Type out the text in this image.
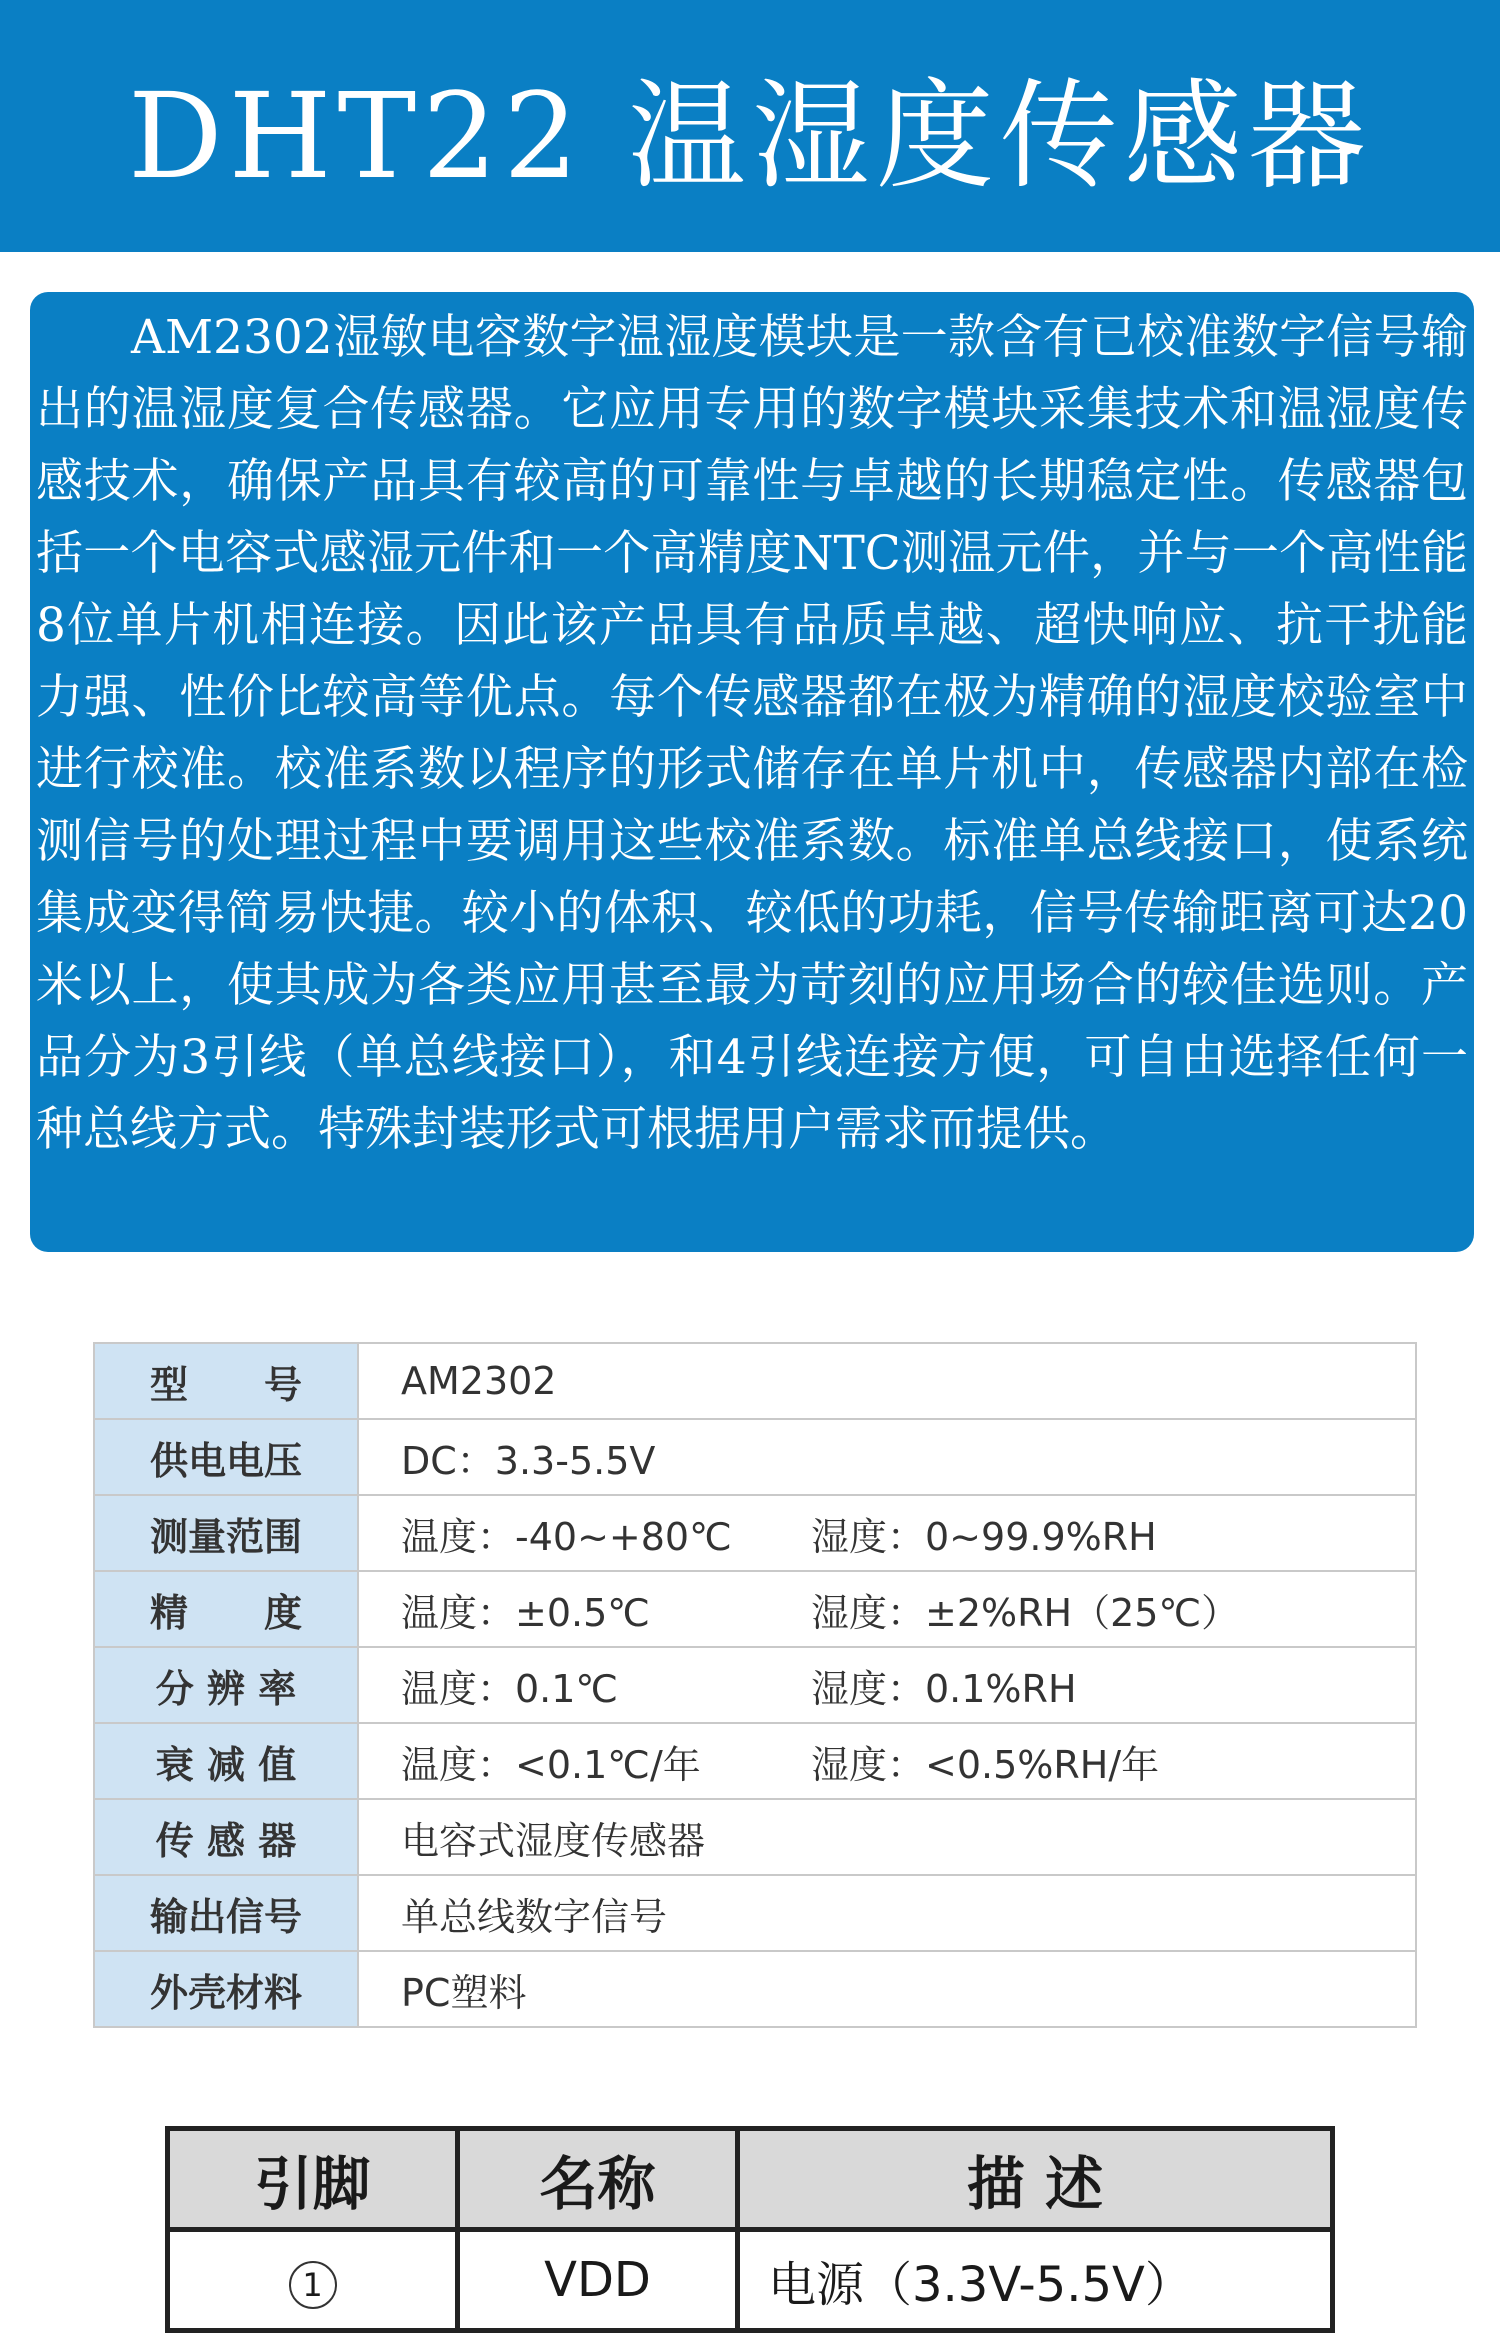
DHT22 温湿度传感器

AM2302湿敏电容数字温湿度模块是一款含有已校准数字信号输出的温湿度复合传感器。它应用专用的数字模块采集技术和温湿度传感技术，确保产品具有较高的可靠性与卓越的长期稳定性。传感器包括一个电容式感湿元件和一个高精度NTC测温元件，并与一个高性能8位单片机相连接。因此该产品具有品质卓越、超快响应、抗干扰能力强、性价比较高等优点。每个传感器都在极为精确的湿度校验室中进行校准。校准系数以程序的形式储存在单片机中，传感器内部在检测信号的处理过程中要调用这些校准系数。标准单总线接口，使系统集成变得简易快捷。较小的体积、较低的功耗，信号传输距离可达20米以上，使其成为各类应用甚至最为苛刻的应用场合的较佳选则。产品分为3引线（单总线接口），和4引线连接方便，可自由选择任何一种总线方式。特殊封装形式可根据用户需求而提供。

型　　号	AM2302
供电电压	DC：3.3-5.5V
测量范围	温度：-40~+80℃ 湿度：0~99.9%RH
精　　度	温度：±0.5℃ 湿度：±2%RH（25℃）
分 辨 率	温度：0.1℃ 湿度：0.1%RH
衰 减 值	温度：<0.1℃/年 湿度：<0.5%RH/年
传 感 器	电容式湿度传感器
输出信号	单总线数字信号
外壳材料	PC塑料
引脚	名称	描 述
1	VDD	电源（3.3V-5.5V）
